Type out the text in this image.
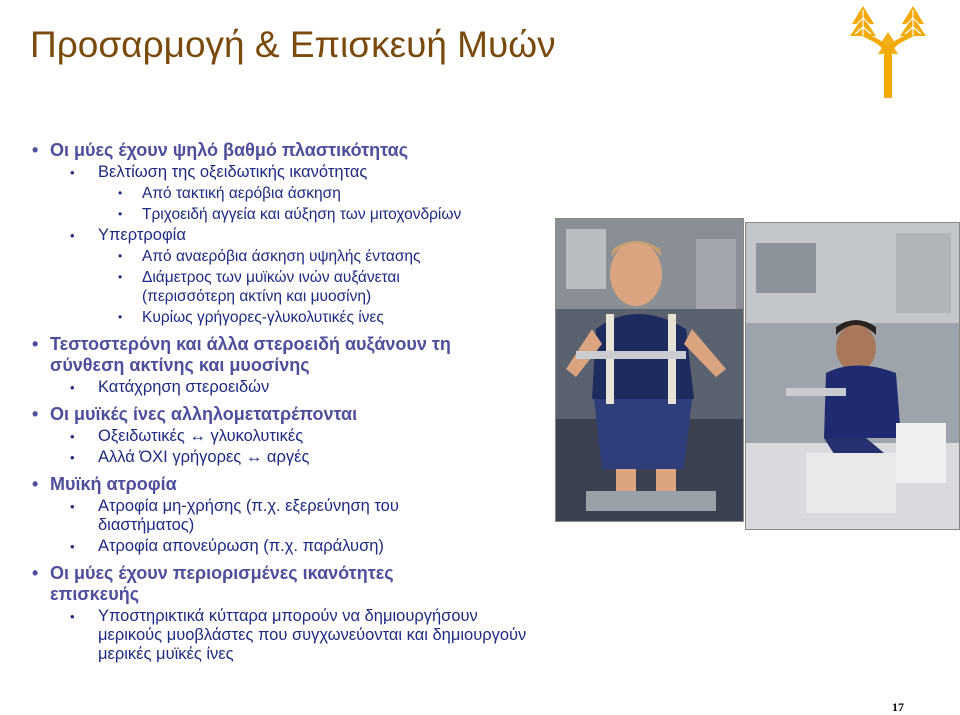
Προσαρμογή & Επισκευή Μυών
• Οι μύες έχουν ψηλό βαθμό πλαστικότητας
• Βελτίωση της οξειδωτικής ικανότητας
• Από τακτική αερόβια άσκηση
• Τριχοειδή αγγεία και αύξηση των μιτοχονδρίων
• Υπερτροφία
• Από αναερόβια άσκηση υψηλής έντασης
• Διάμετρος των μυϊκών ινών αυξάνεται (περισσότερη ακτίνη και μυοσίνη)
• Κυρίως γρήγορες-γλυκολυτικές ίνες
• Τεστοστερόνη και άλλα στεροειδή αυξάνουν τη σύνθεση ακτίνης και μυοσίνης
• Κατάχρηση στεροειδών
• Οι μυϊκές ίνες αλληλομετατρέπονται
• Οξειδωτικές ↔ γλυκολυτικές
• Αλλά ΌΧΙ γρήγορες ↔ αργές
• Μυϊκή ατροφία
• Ατροφία μη-χρήσης (π.χ. εξερεύνηση του διαστήματος)
• Ατροφία απονεύρωση (π.χ. παράλυση)
• Οι μύες έχουν περιορισμένες ικανότητες επισκευής
• Υποστηρικτικά κύτταρα μπορούν να δημιουργήσουν μερικούς μυοβλάστες που συγχωνεύονται και δημιουργούν μερικές μυϊκές ίνες
17
